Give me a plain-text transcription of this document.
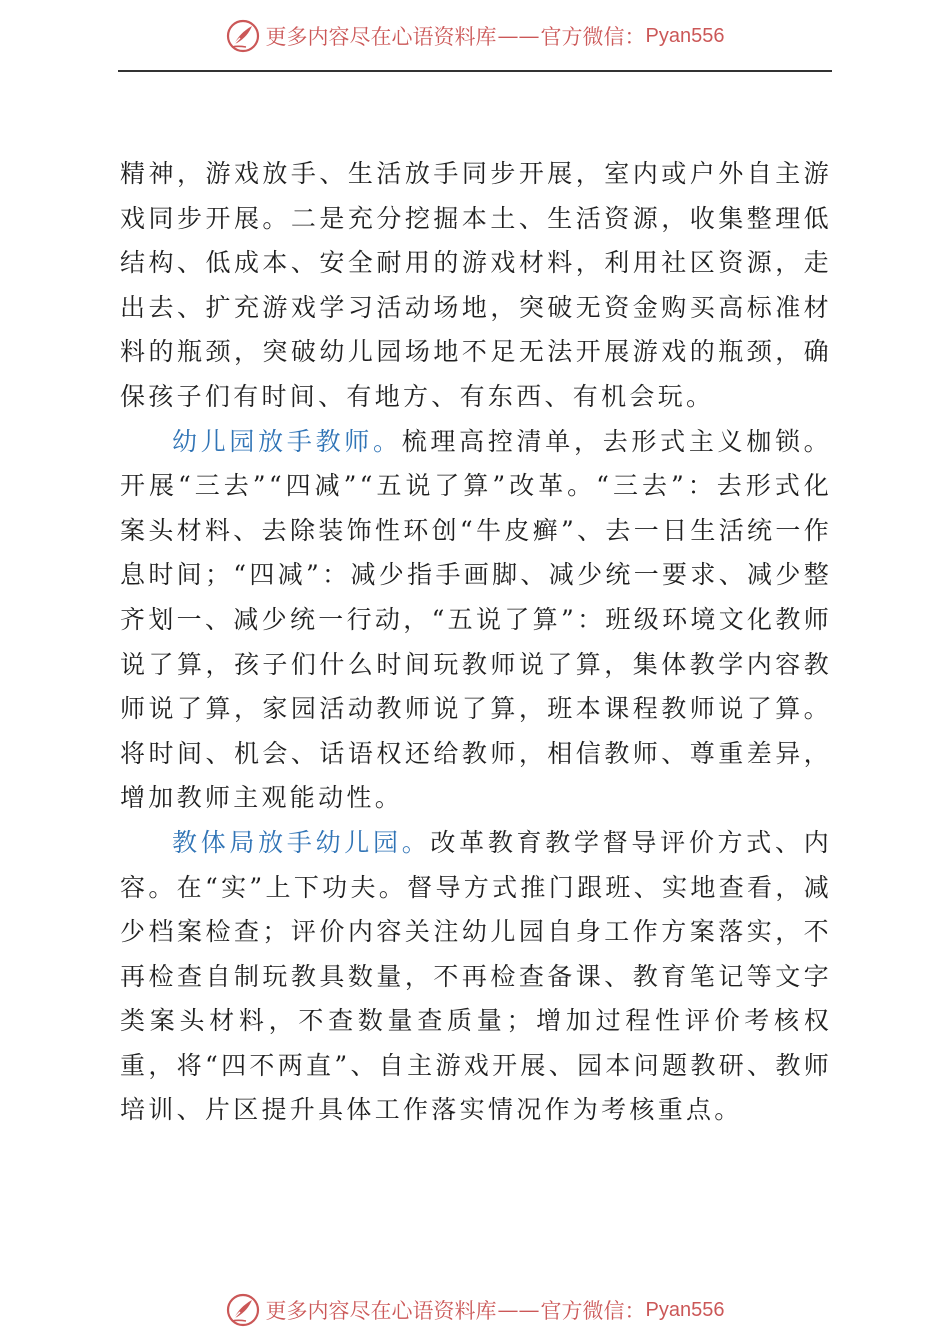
更多内容尽在心语资料库 —— 官方微信： Pyan556

精神，游戏放手、生活放手同步开展，室内或户外自主游戏同步开展。二是充分挖掘本土、生活资源，收集整理低结构、低成本、安全耐用的游戏材料，利用社区资源，走出去、扩充游戏学习活动场地，突破无资金购买高标准材料的瓶颈，突破幼儿园场地不足无法开展游戏的瓶颈，确保孩子们有时间、有地方、有东西、有机会玩。

幼儿园放手教师。梳理高控清单，去形式主义枷锁。开展“三去”“四减”“五说了算”改革。“三去”：去形式化案头材料、去除装饰性环创“牛皮癣”、去一日生活统一作息时间；“四减”：减少指手画脚、减少统一要求、减少整齐划一、减少统一行动，“五说了算”：班级环境文化教师说了算，孩子们什么时间玩教师说了算，集体教学内容教师说了算，家园活动教师说了算，班本课程教师说了算。将时间、机会、话语权还给教师，相信教师、尊重差异，增加教师主观能动性。

教体局放手幼儿园。改革教育教学督导评价方式、内容。在“实”上下功夫。督导方式推门跟班、实地查看，减少档案检查；评价内容关注幼儿园自身工作方案落实，不再检查自制玩教具数量，不再检查备课、教育笔记等文字类案头材料，不查数量查质量；增加过程性评价考核权重，将“四不两直”、自主游戏开展、园本问题教研、教师培训、片区提升具体工作落实情况作为考核重点。

更多内容尽在心语资料库 —— 官方微信： Pyan556
